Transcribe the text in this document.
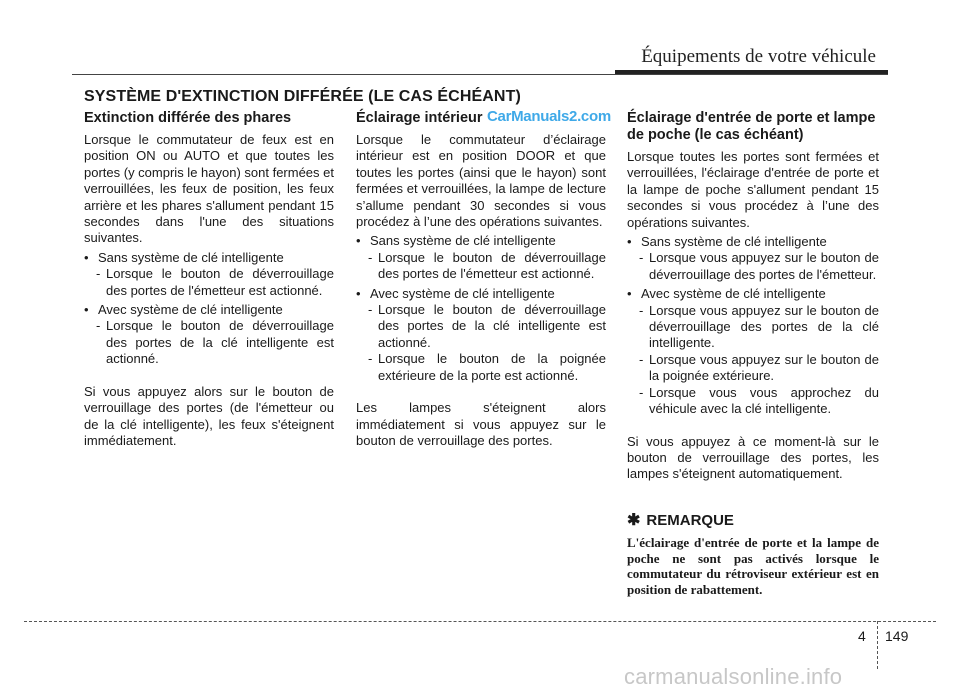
Équipements de votre véhicule
SYSTÈME D'EXTINCTION DIFFÉRÉE (LE CAS ÉCHÉANT)
CarManuals2.com
Extinction différée des phares

Lorsque le commutateur de feux est en position ON ou AUTO et que toutes les portes (y compris le hayon) sont fermées et verrouillées, les feux de position, les feux arrière et les phares s'allument pendant 15 secondes dans l'une des situations suivantes.

• Sans système de clé intelligente
- Lorsque le bouton de déverrouillage des portes de l'émetteur est actionné.
• Avec système de clé intelligente
- Lorsque le bouton de déverrouillage des portes de la clé intelligente est actionné.

Si vous appuyez alors sur le bouton de verrouillage des portes (de l'émetteur ou de la clé intelligente), les feux s'éteignent immédiatement.

Éclairage intérieur

Lorsque le commutateur d’éclairage intérieur est en position DOOR et que toutes les portes (ainsi que le hayon) sont fermées et verrouillées, la lampe de lecture s’allume pendant 30 secondes si vous procédez à l’une des opérations suivantes.

• Sans système de clé intelligente
- Lorsque le bouton de déverrouillage des portes de l'émetteur est actionné.
• Avec système de clé intelligente
- Lorsque le bouton de déverrouillage des portes de la clé intelligente est actionné.
- Lorsque le bouton de la poignée extérieure de la porte est actionné.

Les lampes s'éteignent alors immédiatement si vous appuyez sur le bouton de verrouillage des portes.

Éclairage d'entrée de porte et lampe de poche (le cas échéant)

Lorsque toutes les portes sont fermées et verrouillées, l'éclairage d'entrée de porte et la lampe de poche s'allument pendant 15 secondes si vous procédez à l’une des opérations suivantes.

• Sans système de clé intelligente
- Lorsque vous appuyez sur le bouton de déverrouillage des portes de l'émetteur.
• Avec système de clé intelligente
- Lorsque vous appuyez sur le bouton de déverrouillage des portes de la clé intelligente.
- Lorsque vous appuyez sur le bouton de la poignée extérieure.
- Lorsque vous vous approchez du véhicule avec la clé intelligente.

Si vous appuyez à ce moment-là sur le bouton de verrouillage des portes, les lampes s'éteignent automatiquement.

✱ REMARQUE

L'éclairage d'entrée de porte et la lampe de poche ne sont pas activés lorsque le commutateur du rétroviseur extérieur est en position de rabattement.

4 149
carmanualsonline.info
